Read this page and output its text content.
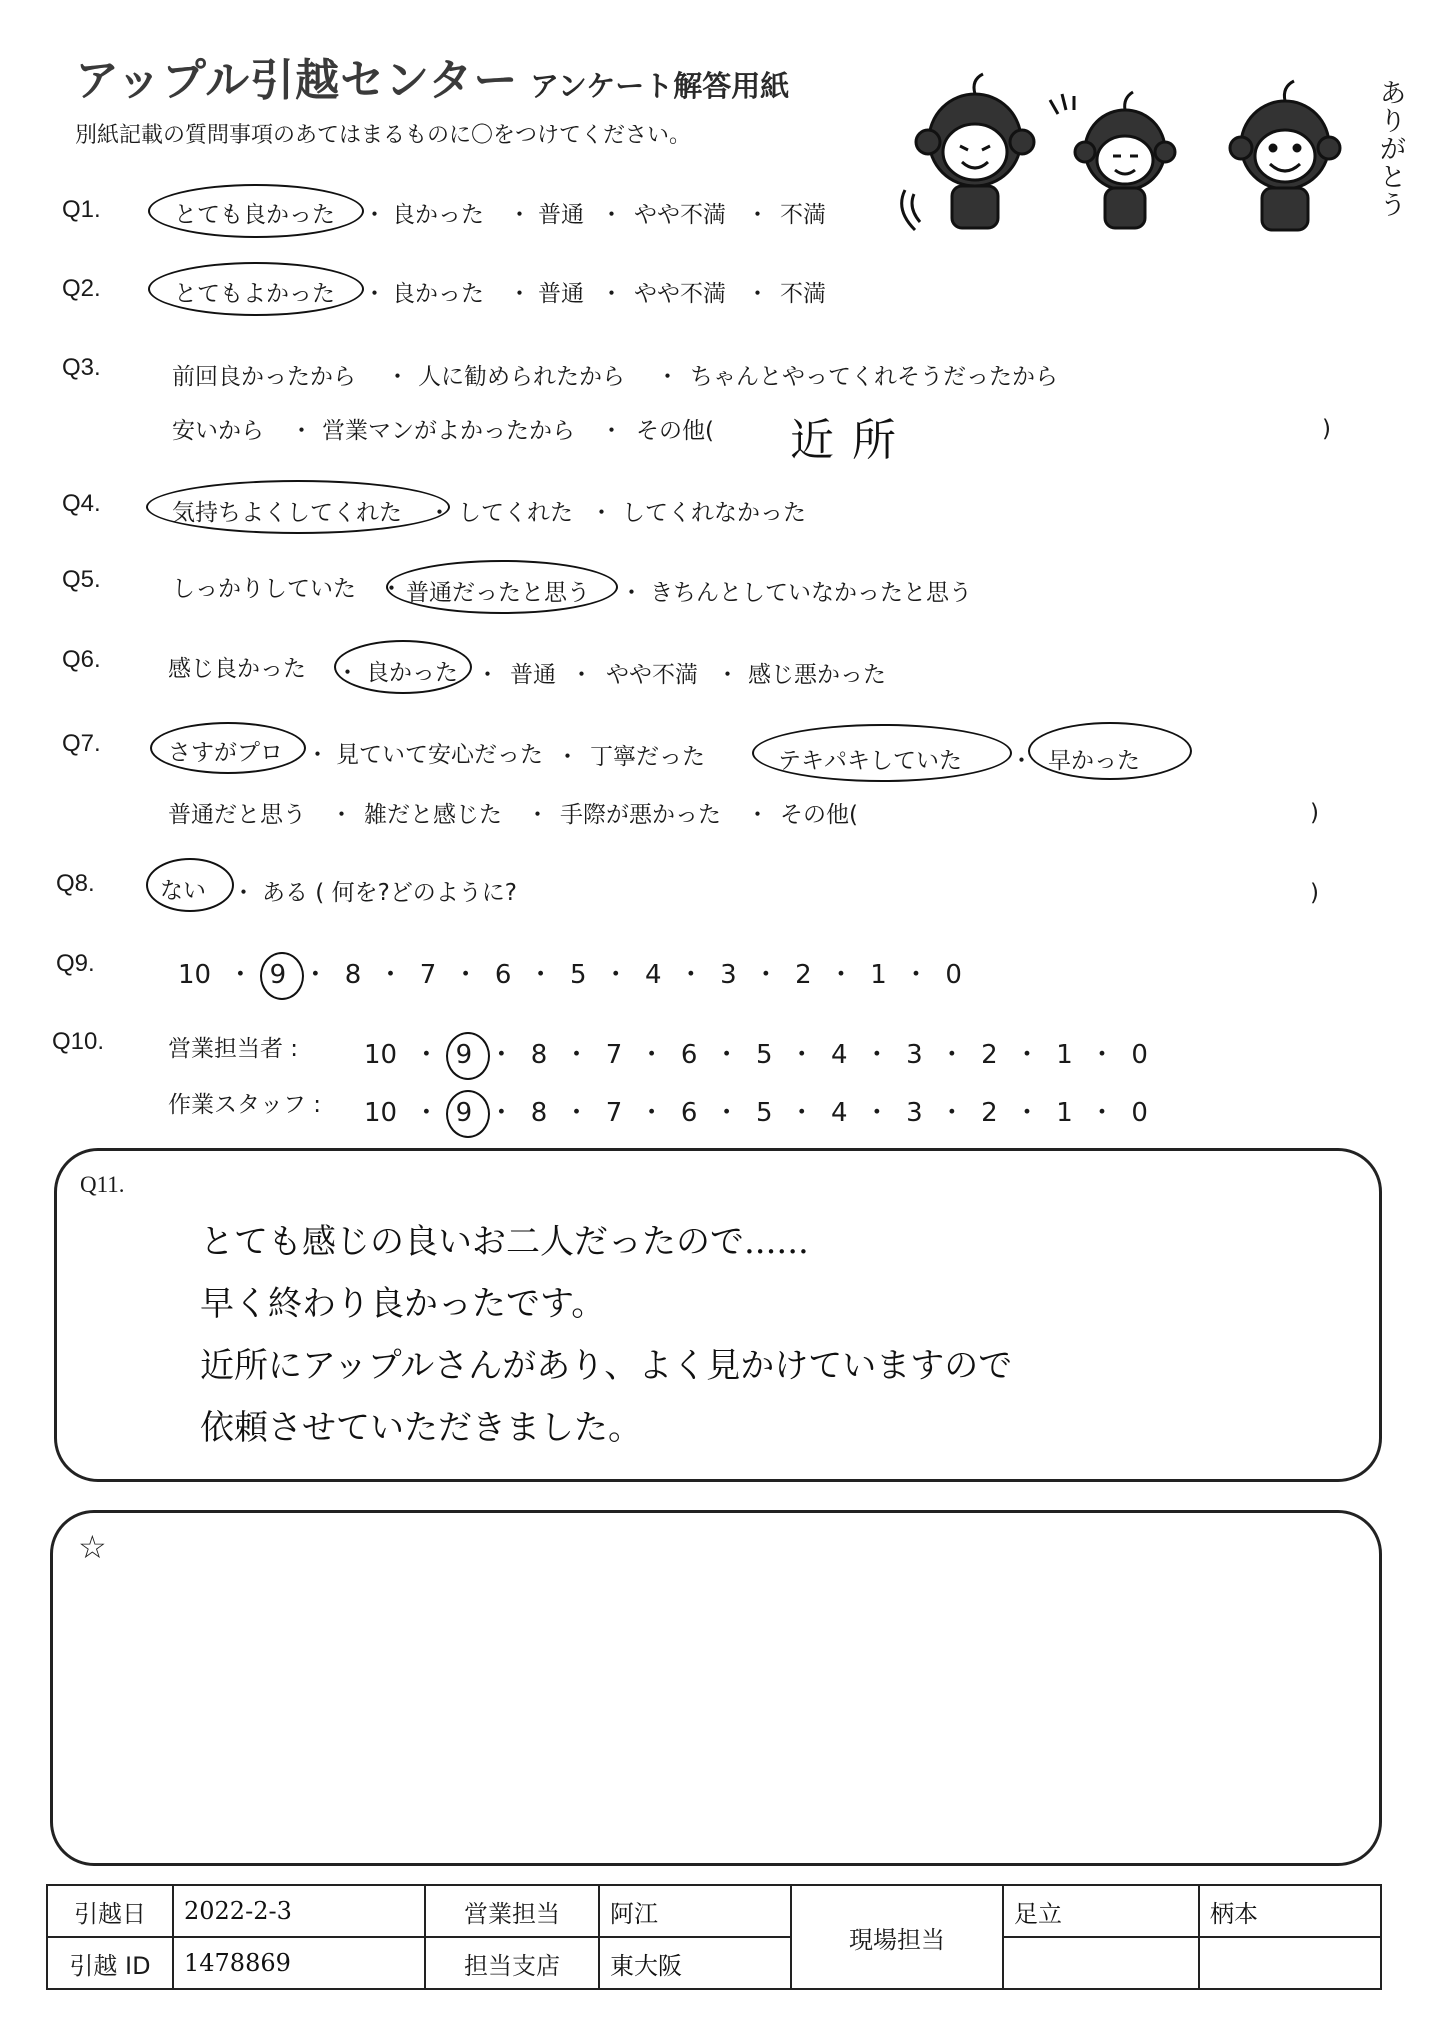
アップル引越センター アンケート解答用紙
別紙記載の質問事項のあてはまるものに〇をつけてください。
ありがとう
Q1.	とても良かった ・ 良かった ・ 普通 ・ やや不満 ・ 不満
Q2.	とてもよかった ・ 良かった ・ 普通 ・ やや不満 ・ 不満
Q3.	前回良かったから ・ 人に勧められたから ・ ちゃんとやってくれそうだったから
安いから ・ 営業マンがよかったから ・ その他( 近所	)
Q4.	気持ちよくしてくれた ・ してくれた ・ してくれなかった
Q5.	しっかりしていた ・ 普通だったと思う ・ きちんとしていなかったと思う
Q6.	感じ良かった ・ 良かった ・ 普通 ・ やや不満 ・ 感じ悪かった
Q7.	さすがプロ ・ 見ていて安心だった ・ 丁寧だった	テキパキしていた ・ 早かった
普通だと思う ・ 雑だと感じた ・ 手際が悪かった ・ その他(	)
Q8.	ない ・ ある ( 何を?どのように?	)
Q9.	10 ・ 9
・ 8 ・ 7 ・ 6 ・ 5 ・ 4 ・ 3 ・ 2 ・ 1 ・ 0
Q10.	営業担当者 :	10 ・ 9
・ 8 ・ 7 ・ 6 ・ 5 ・ 4 ・ 3 ・ 2 ・ 1 ・ 0
作業スタッフ : 10 ・ 9
・ 8 ・ 7 ・ 6 ・ 5 ・ 4 ・ 3 ・ 2 ・ 1 ・ 0
Q11.
とても感じの良いお二人だったので......
早く終わり良かったです。
近所にアップルさんがあり、よく見かけていますので
依頼させていただきました。
☆
引越日	2022-2-3	営業担当	阿江	現場担当	足立	柄本
引越 ID	1478869	担当支店	東大阪			
